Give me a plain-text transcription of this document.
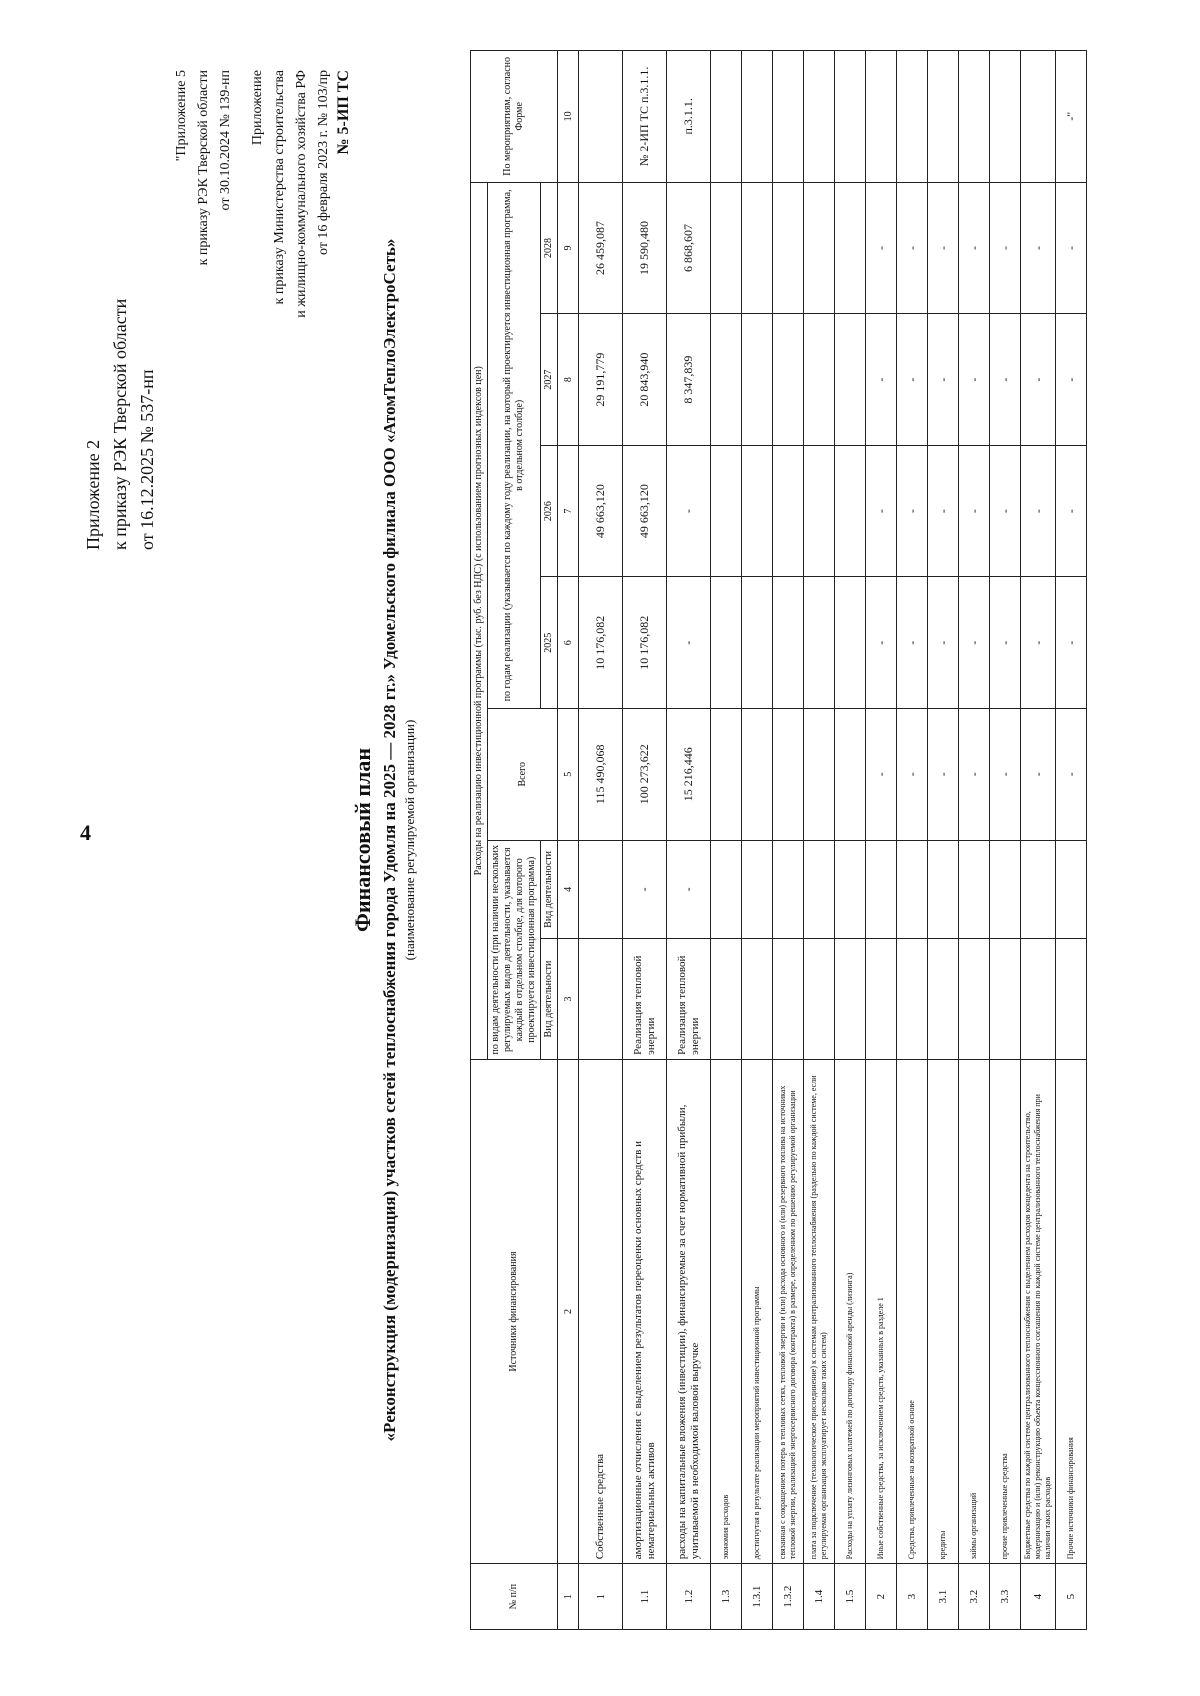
4
Приложение 2 к приказу РЭК Тверской области от 16.12.2025 № 537-нп
"Приложение 5 к приказу РЭК Тверской области от 30.10.2024 № 139-нп Приложение к приказу Министерства строительства и жилищно-коммунального хозяйства РФ от 16 февраля 2023 г. № 103/пр № 5-ИП ТС
Финансовый план «Реконструкция (модернизация) участков сетей теплоснабжения города Удомля на 2025 — 2028 гг.» Удомельского филиала ООО «АтомТеплоЭлектроСеть» (наименование регулируемой организации)
№ п/п	Источники финансирования	Расходы на реализацию инвестиционной программы (тыс. руб. без НДС) (с использованием прогнозных индексов цен)							По мероприятиям, согласно Форме
		по видам деятельности (при наличии нескольких регулируемых видов деятельности, указывается каждый в отдельном столбце, для которого проектируется инвестиционная программа)		Всего	по годам реализации (указывается по каждому году реализации, на который проектируется инвестиционная программа, в отдельном столбце)				
		Вид деятельности	Вид деятельности		2025	2026	2027	2028	
1	2	3	4	5	6	7	8	9	10
1	Собственные средства			115 490,068	10 176,082	49 663,120	29 191,779	26 459,087	
1.1	амортизационные отчисления с выделением результатов переоценки основных средств и нематериальных активов	Реализация тепловой энергии	-	100 273,622	10 176,082	49 663,120	20 843,940	19 590,480	№ 2-ИП ТС п.3.1.1.
1.2	расходы на капитальные вложения (инвестиции), финансируемые за счет нормативной прибыли, учитываемой в необходимой валовой выручке	Реализация тепловой энергии	-	15 216,446	-	-	8 347,839	6 868,607	п.3.1.1.
1.3	экономия расходов								
1.3.1	достигнутая в результате реализации мероприятий инвестиционной программы								
1.3.2	связанная с сокращением потерь в тепловых сетях, тепловой энергии и (или) расхода основного и (или) резервного топлива на источниках тепловой энергии, реализацией энергосервисного договора (контракта) в размере, определенном по решению регулируемой организации								
1.4	плата за подключение (технологическое присоединение) к системам централизованного теплоснабжения (раздельно по каждой системе, если регулируемая организация эксплуатирует несколько таких систем)								
1.5	Расходы на уплату лизинговых платежей по договору финансовой аренды (лизинга)								
2	Иные собственные средства, за исключением средств, указанных в разделе 1			-	-	-	-	-	
3	Средства, привлеченные на возвратной основе			-	-	-	-	-	
3.1	кредиты			-	-	-	-	-	
3.2	займы организаций			-	-	-	-	-	
3.3	прочие привлеченные средства			-	-	-	-	-	
4	Бюджетные средства по каждой системе централизованного теплоснабжения с выделением расходов концедента на строительство, модернизацию и (или) реконструкцию объекта концессионного соглашения по каждой системе централизованного теплоснабжения при наличии таких расходов			-	-	-	-	-	
5	Прочие источники финансирования			-	-	-	-	-	-"
